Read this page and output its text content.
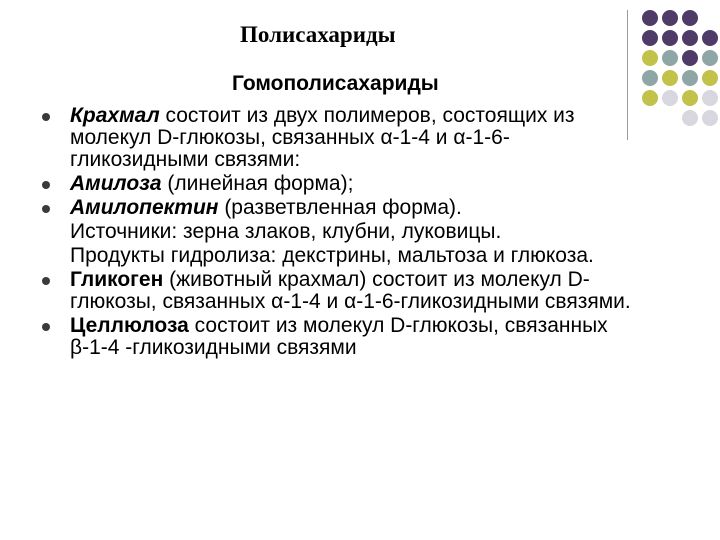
Полисахариды
Гомополисахариды
Крахмал состоит из двух полимеров, состоящих из молекул D-глюкозы, связанных α-1-4 и α-1-6-гликозидными связями:
Амилоза (линейная форма);
Амилопектин (разветвленная форма).
Источники: зерна злаков, клубни, луковицы.
Продукты гидролиза: декстрины, мальтоза и глюкоза.
Гликоген (животный крахмал) состоит из молекул D-глюкозы, связанных α-1-4 и α-1-6-гликозидными связями.
Целлюлоза состоит из молекул D-глюкозы, связанных β-1-4 -гликозидными связями
